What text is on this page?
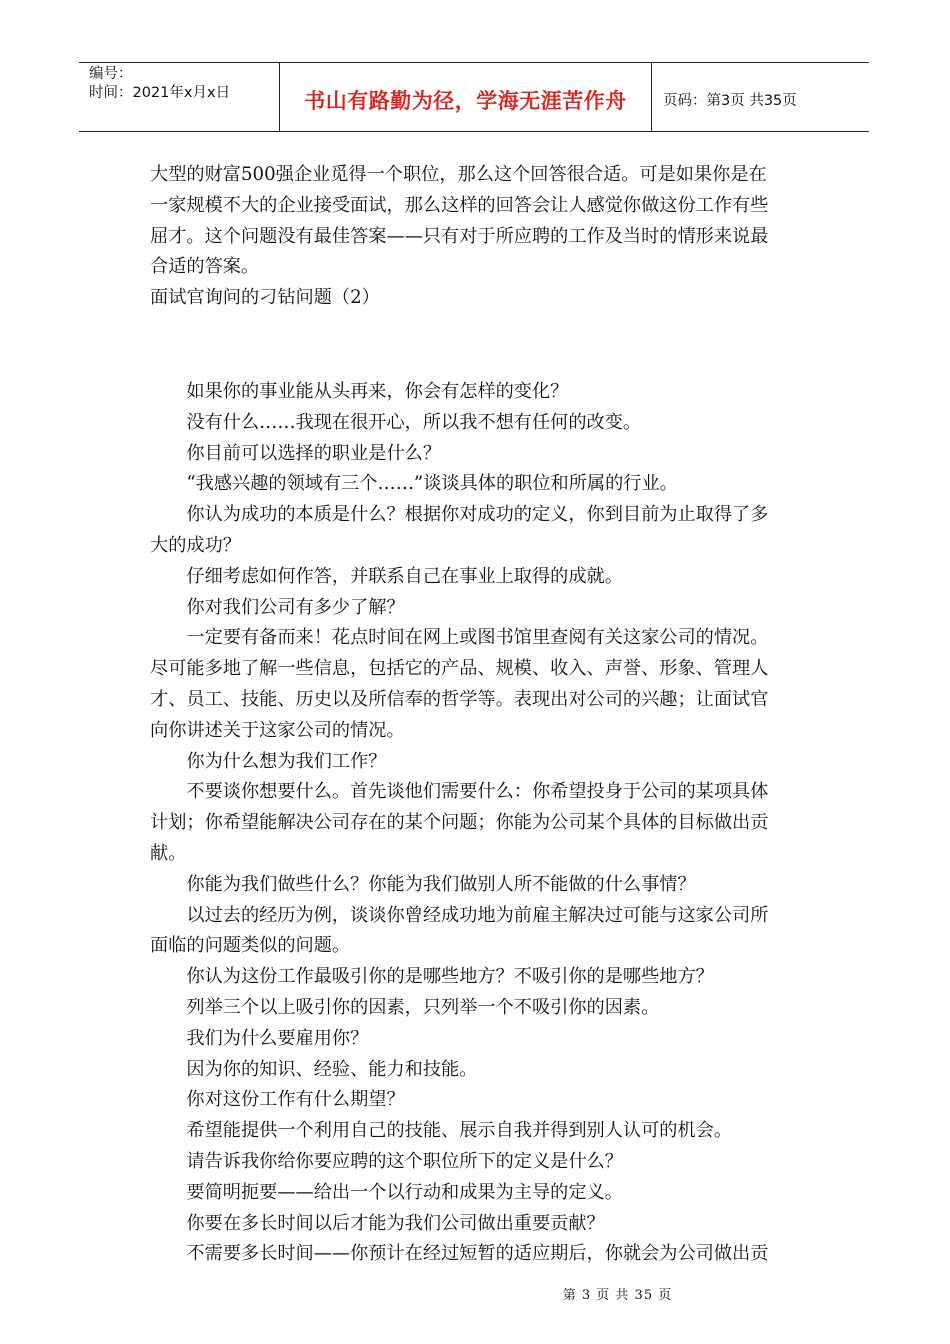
编号：
时间：2021年x月x日	书山有路勤为径，学海无涯苦作舟	页码：第3页 共35页

大型的财富500强企业觅得一个职位，那么这个回答很合适。可是如果你是在

一家规模不大的企业接受面试，那么这样的回答会让人感觉你做这份工作有些

屈才。这个问题没有最佳答案——只有对于所应聘的工作及当时的情形来说最

合适的答案。

面试官询问的刁钻问题（2）

　　如果你的事业能从头再来，你会有怎样的变化？

　　没有什么……我现在很开心，所以我不想有任何的改变。

　　你目前可以选择的职业是什么？

　　“我感兴趣的领域有三个……”谈谈具体的职位和所属的行业。

　　你认为成功的本质是什么？根据你对成功的定义，你到目前为止取得了多

大的成功？

　　仔细考虑如何作答，并联系自己在事业上取得的成就。

　　你对我们公司有多少了解？

　　一定要有备而来！花点时间在网上或图书馆里查阅有关这家公司的情况。

尽可能多地了解一些信息，包括它的产品、规模、收入、声誉、形象、管理人

才、员工、技能、历史以及所信奉的哲学等。表现出对公司的兴趣；让面试官

向你讲述关于这家公司的情况。

　　你为什么想为我们工作？

　　不要谈你想要什么。首先谈他们需要什么：你希望投身于公司的某项具体

计划；你希望能解决公司存在的某个问题；你能为公司某个具体的目标做出贡

献。

　　你能为我们做些什么？你能为我们做别人所不能做的什么事情？

　　以过去的经历为例，谈谈你曾经成功地为前雇主解决过可能与这家公司所

面临的问题类似的问题。

　　你认为这份工作最吸引你的是哪些地方？不吸引你的是哪些地方？

　　列举三个以上吸引你的因素，只列举一个不吸引你的因素。

　　我们为什么要雇用你？

　　因为你的知识、经验、能力和技能。

　　你对这份工作有什么期望？

　　希望能提供一个利用自己的技能、展示自我并得到别人认可的机会。

　　请告诉我你给你要应聘的这个职位所下的定义是什么？

　　要简明扼要——给出一个以行动和成果为主导的定义。

　　你要在多长时间以后才能为我们公司做出重要贡献？

　　不需要多长时间——你预计在经过短暂的适应期后，你就会为公司做出贡

第 3 页 共 35 页
